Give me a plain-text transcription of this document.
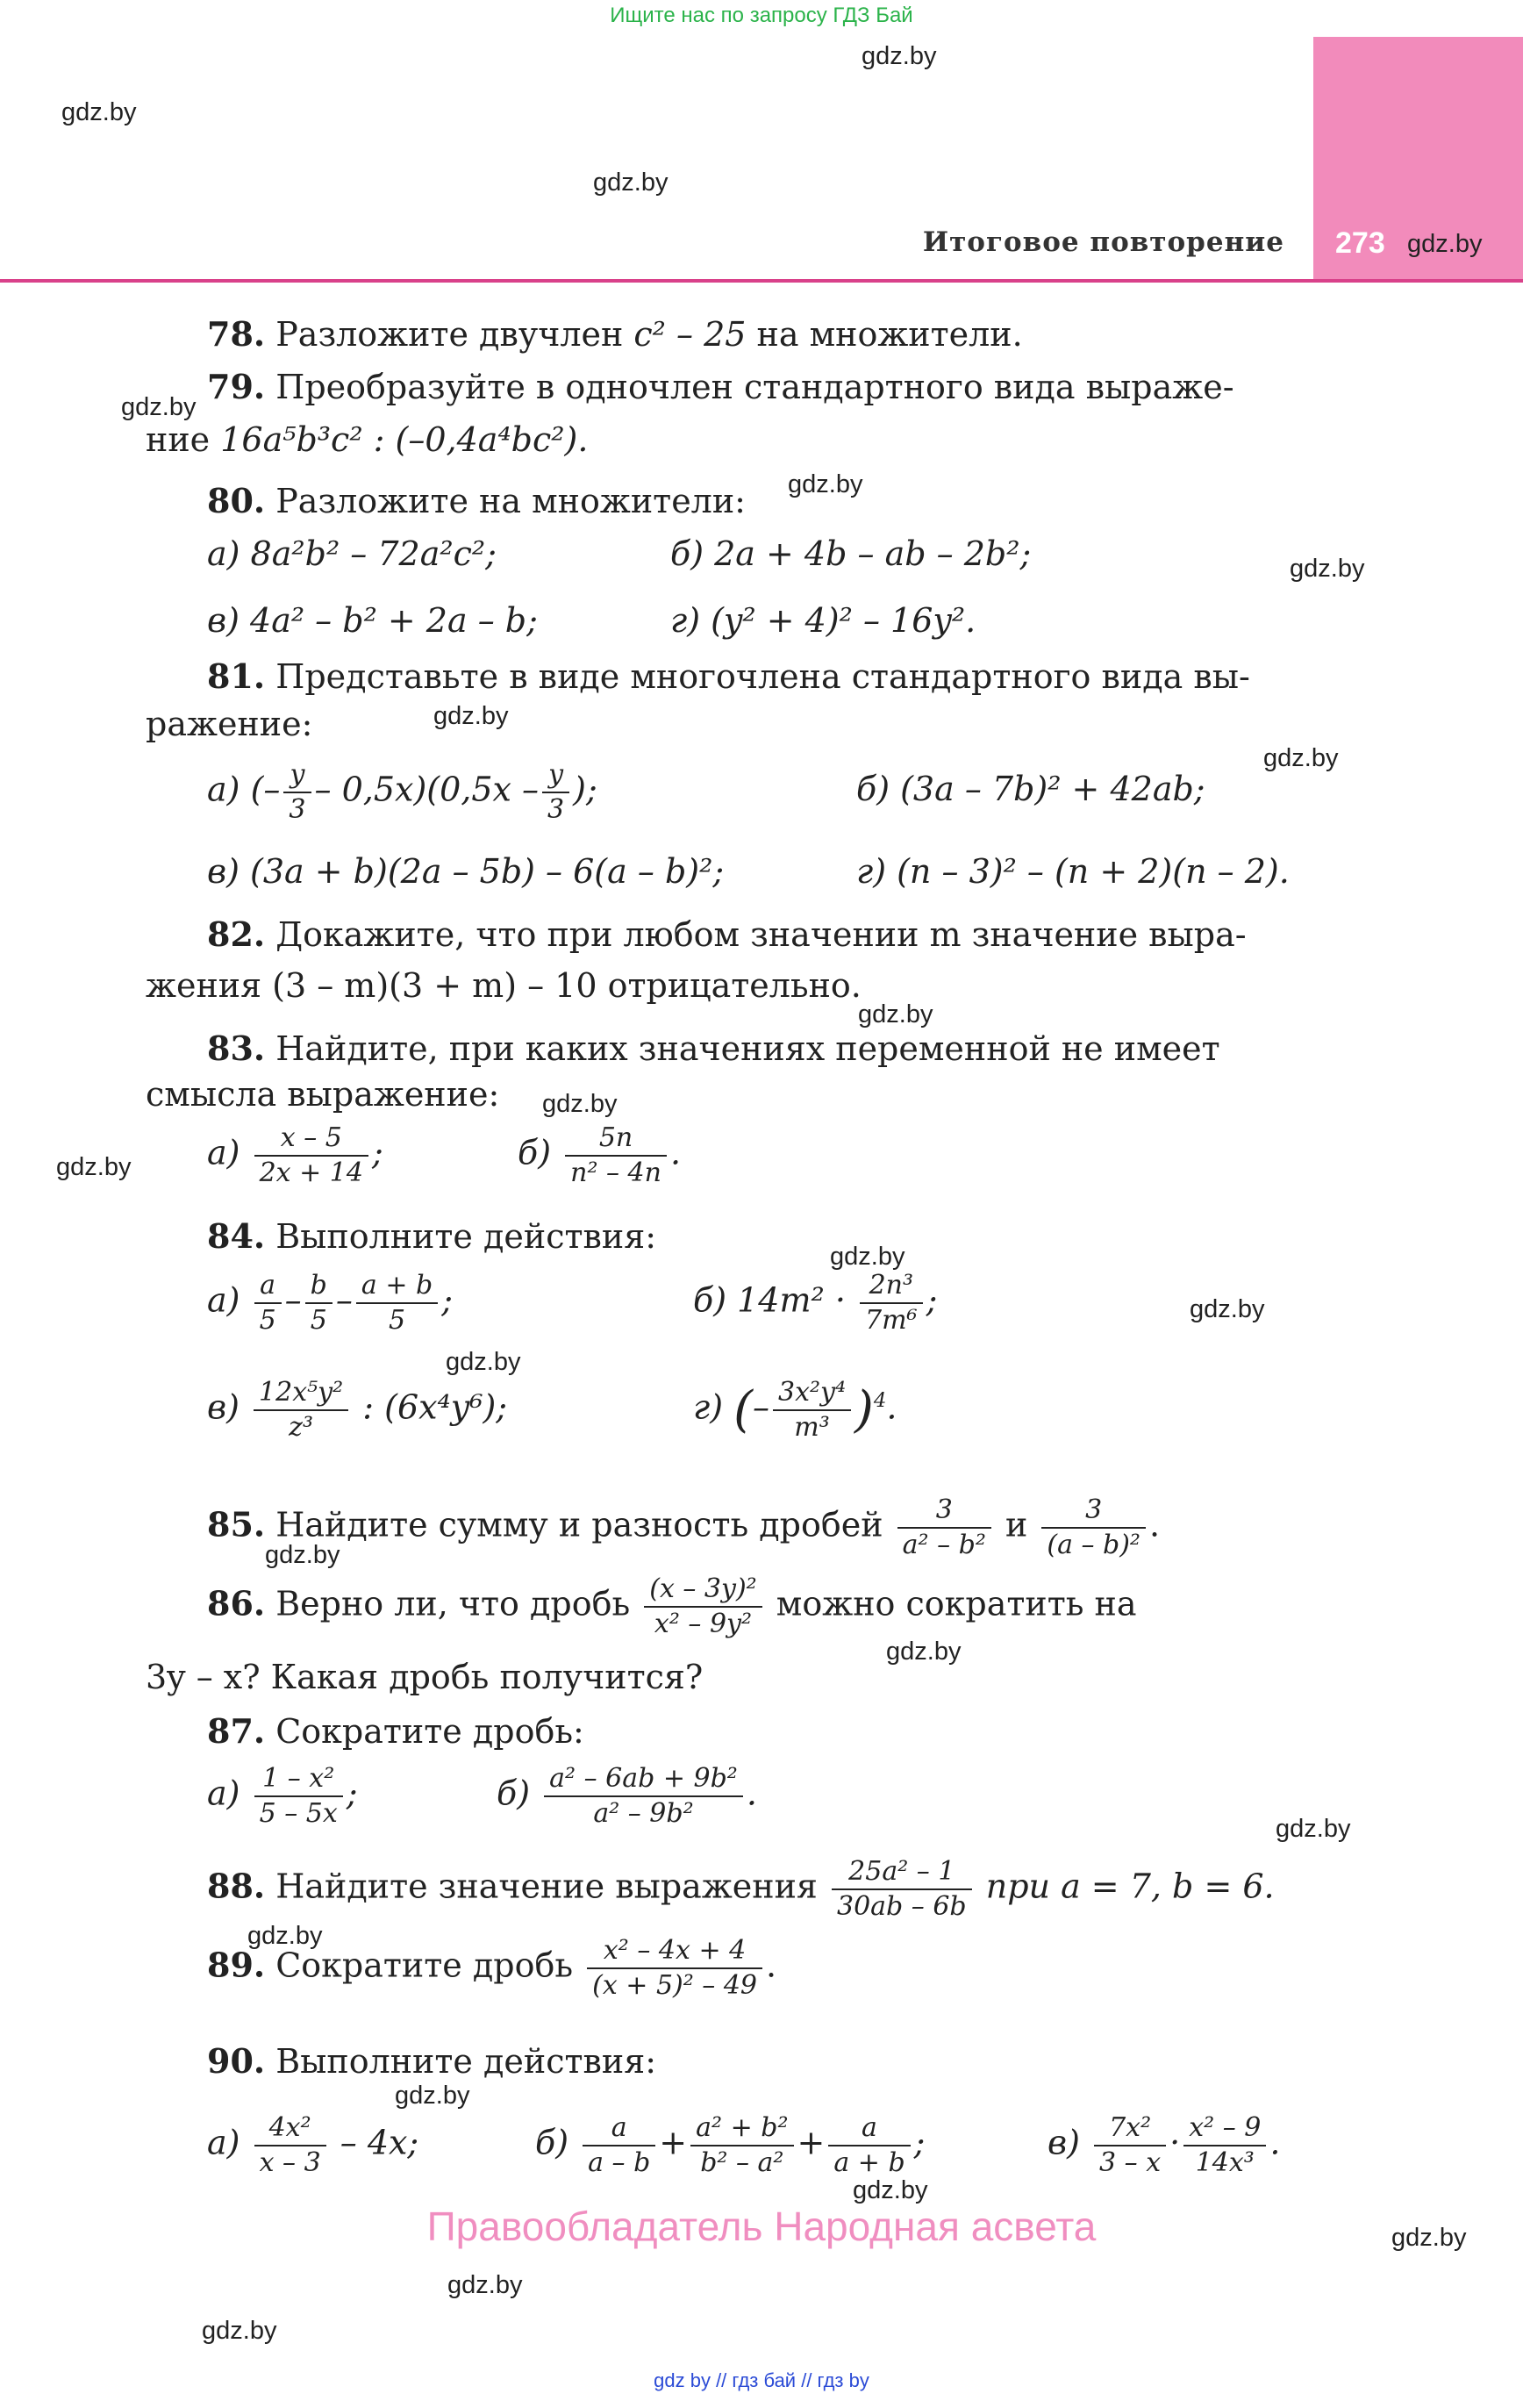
Ищите нас по запросу ГДЗ Бай
Итоговое повторение 273
gdz.by
gdz.by
gdz.by
gdz.by
gdz.by
gdz.by
gdz.by
gdz.by
gdz.by
gdz.by
gdz.by
gdz.by
gdz.by
gdz.by
gdz.by
gdz.by
gdz.by
gdz.by
gdz.by
gdz.by
gdz.by
gdz.by
gdz.by
gdz.by
78. Разложите двучлен c² – 25 на множители.
79. Преобразуйте в одночлен стандартного вида выраже-
ние 16a⁵b³c² : (–0,4a⁴bc²).
80. Разложите на множители:
а) 8a²b² – 72a²c²;	б) 2a + 4b – ab – 2b²;
в) 4a² – b² + 2a – b;	г) (y² + 4)² – 16y².
81. Представьте в виде многочлена стандартного вида вы-
ражение:
а) (– $\frac{y}{3} - 0,5x)(0,5x - \frac{y}{3}$ );	б) (3a – 7b)² + 42ab;
в) (3a + b)(2a – 5b) – 6(a – b)²;	г) (n – 3)² – (n + 2)(n – 2).
82. Докажите, что при любом значении m значение выра-
жения (3 – m)(3 + m) – 10 отрицательно.
83. Найдите, при каких значениях переменной не имеет
смысла выражение:
$а) \frac{x - 5}{2x + 14}$ ;	$б) \frac{5n}{\text{n² – 4n}}$ .
84. Выполните действия:
$а) \frac{a}{5} - \frac{b}{5} - \frac{a + b}{5}$ ;	б) $14m^2 \cdot \frac{\text{2n³}}{\text{7m⁶}}$ ;
$в) \frac{\text{12x⁵y²}}{\text{z³}}$ : (6x⁴y⁶);	г) (– $\frac{\text{3x²y⁴}}{\text{m³}} )^4$.
85. Найдите сумму и разность дробей $\frac{3}{\text{a² – b²}}$ и $\frac{3}{\text{(a – b)²}}$ .
86. Верно ли, что дробь $\frac{\text{(x – 3y)²}}{\text{x² – 9y²}}$ можно сократить на
3y – x? Какая дробь получится?
87. Сократите дробь:
$а) \frac{\text{1 – x²}}{5 - 5x}$ ;	$б) \frac{\text{a² – 6ab + 9b²}}{\text{a² – 9b²}}$ .
88. Найдите значение выражения $\frac{\text{25a² – 1}}{30ab - 6b}$ при a = 7, b = 6.
89. Сократите дробь $\frac{\text{x² – 4x + 4}}{\text{(x + 5)² – 49}}$ .
90. Выполните действия:
$а) \frac{\text{4x²}}{x - 3} - 4x$;	$б) \frac{a}{a - b} + \frac{\text{a² + b²}}{\text{b² – a²}} + \frac{a}{a + b}$ ;	$в) \frac{\text{7x²}}{3 - x} \cdot \frac{\text{x² – 9}}{\text{14x³}}$ .
Правообладатель Народная асвета
gdz by // гдз бай // гдз by
